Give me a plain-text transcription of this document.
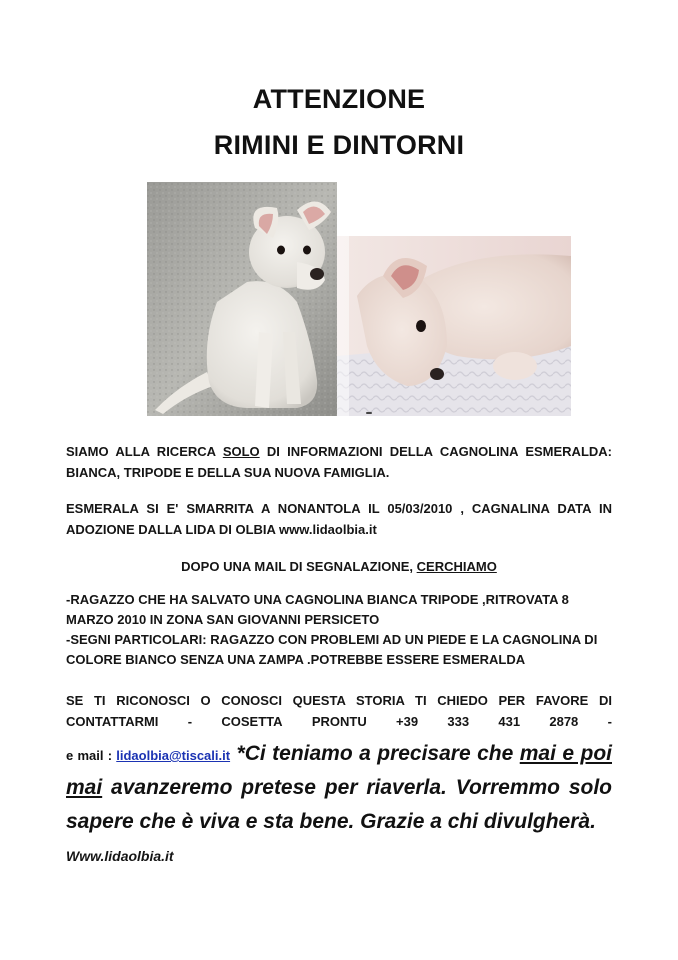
ATTENZIONE
RIMINI E DINTORNI
SIAMO ALLA RICERCA SOLO DI INFORMAZIONI DELLA CAGNOLINA ESMERALDA: BIANCA, TRIPODE E DELLA SUA NUOVA FAMIGLIA.
ESMERALA SI E' SMARRITA A NONANTOLA IL 05/03/2010 , CAGNALINA DATA IN ADOZIONE DALLA LIDA DI OLBIA www.lidaolbia.it
DOPO UNA MAIL DI SEGNALAZIONE, CERCHIAMO
-RAGAZZO CHE HA SALVATO UNA CAGNOLINA BIANCA TRIPODE ,RITROVATA 8 MARZO 2010 IN ZONA SAN GIOVANNI PERSICETO
-SEGNI PARTICOLARI: RAGAZZO CON PROBLEMI AD UN PIEDE E LA CAGNOLINA DI COLORE BIANCO SENZA UNA ZAMPA .POTREBBE ESSERE ESMERALDA
SE TI RICONOSCI O CONOSCI QUESTA STORIA TI CHIEDO PER FAVORE DI
CONTATTARMI - COSETTA PRONTU +39 333 431 2878 -
e mail : lidaolbia@tiscali.it *Ci teniamo a precisare che mai e poi mai avanzeremo pretese per riaverla. Vorremmo solo sapere che è viva e sta bene. Grazie a chi divulgherà.
Www.lidaolbia.it
